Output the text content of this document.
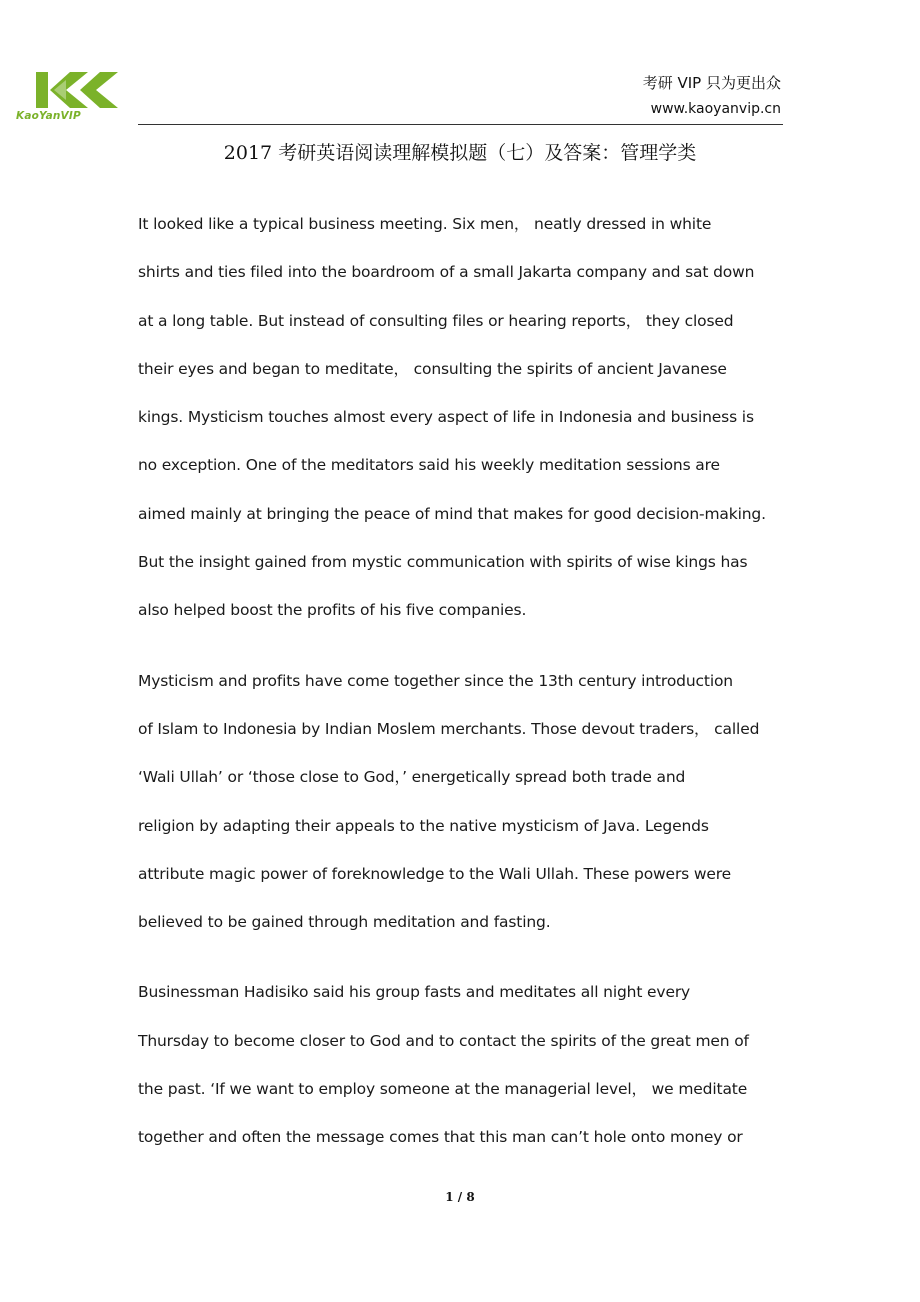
KaoYanVIP
考研 VIP 只为更出众
www.kaoyanvip.cn
2017 考研英语阅读理解模拟题（七）及答案：管理学类

It looked like a typical business meeting. Six men， neatly dressed in white
shirts and ties filed into the boardroom of a small Jakarta company and sat down
at a long table. But instead of consulting files or hearing reports， they closed
their eyes and began to meditate， consulting the spirits of ancient Javanese
kings. Mysticism touches almost every aspect of life in Indonesia and business is
no exception. One of the meditators said his weekly meditation sessions are
aimed mainly at bringing the peace of mind that makes for good decision-making.
But the insight gained from mystic communication with spirits of wise kings has
also helped boost the profits of his five companies.

Mysticism and profits have come together since the 13th century introduction
of Islam to Indonesia by Indian Moslem merchants. Those devout traders， called
‘Wali Ullah’ or ‘those close to God，’ energetically spread both trade and
religion by adapting their appeals to the native mysticism of Java. Legends
attribute magic power of foreknowledge to the Wali Ullah. These powers were
believed to be gained through meditation and fasting.

Businessman Hadisiko said his group fasts and meditates all night every
Thursday to become closer to God and to contact the spirits of the great men of
the past. ‘If we want to employ someone at the managerial level， we meditate
together and often the message comes that this man can’t hole onto money or

1 / 8
